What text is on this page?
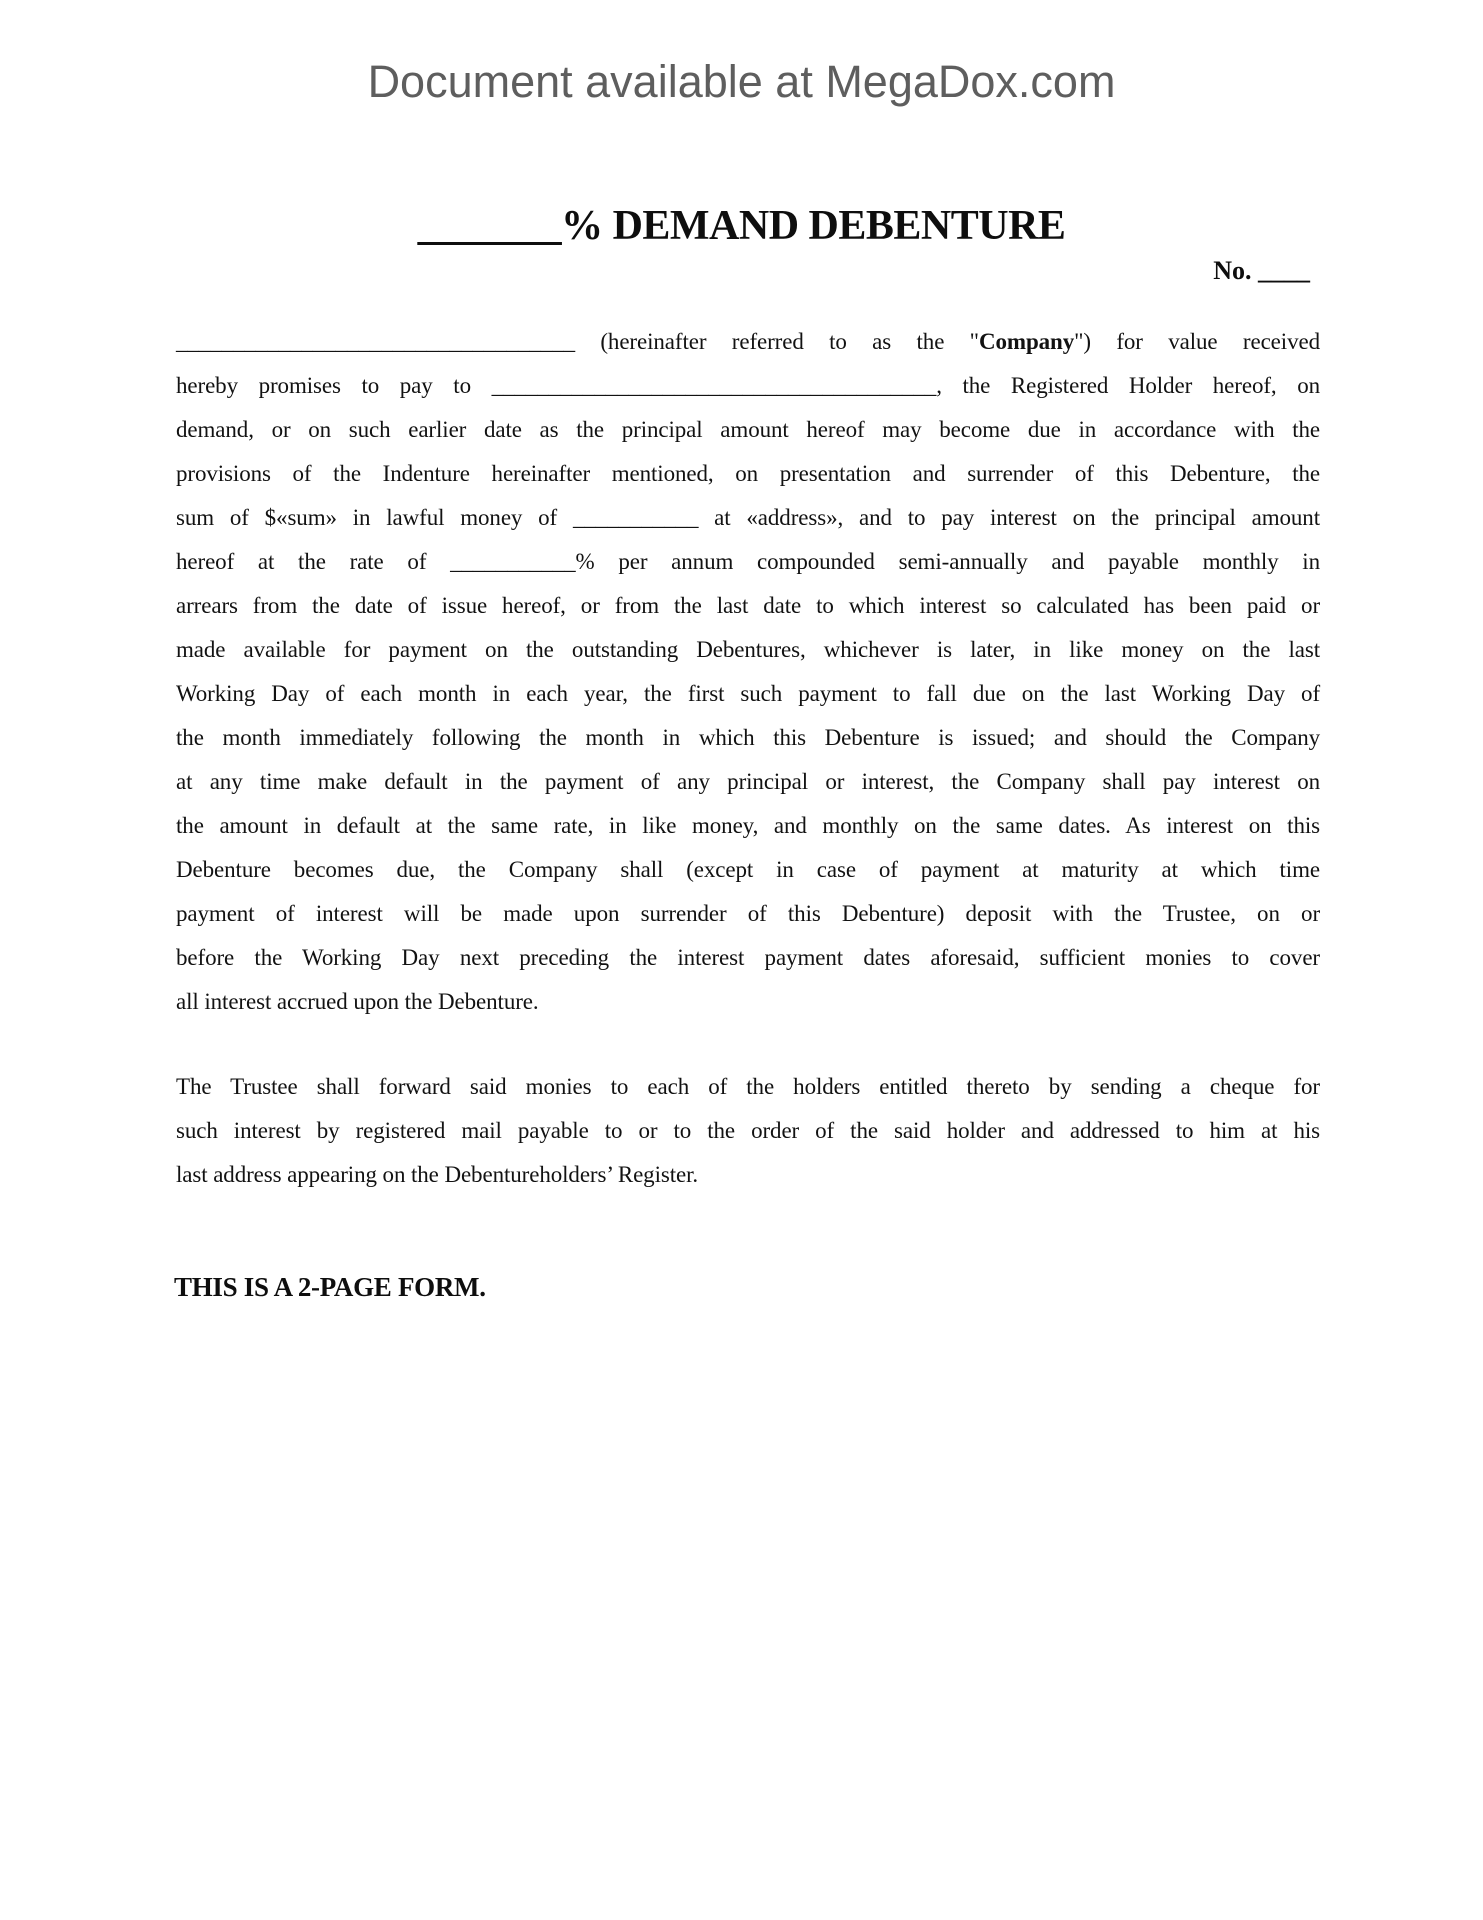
Document available at MegaDox.com
_______% DEMAND DEBENTURE
No. ____
___________________________________ (hereinafter referred to as the "Company") for value received
hereby promises to pay to _______________________________________, the Registered Holder hereof, on
demand, or on such earlier date as the principal amount hereof may become due in accordance with the
provisions of the Indenture hereinafter mentioned, on presentation and surrender of this Debenture, the
sum of $«sum» in lawful money of ___________ at «address», and to pay interest on the principal amount
hereof at the rate of ___________% per annum compounded semi-annually and payable monthly in
arrears from the date of issue hereof, or from the last date to which interest so calculated has been paid or
made available for payment on the outstanding Debentures, whichever is later, in like money on the last
Working Day of each month in each year, the first such payment to fall due on the last Working Day of
the month immediately following the month in which this Debenture is issued; and should the Company
at any time make default in the payment of any principal or interest, the Company shall pay interest on
the amount in default at the same rate, in like money, and monthly on the same dates. As interest on this
Debenture becomes due, the Company shall (except in case of payment at maturity at which time
payment of interest will be made upon surrender of this Debenture) deposit with the Trustee, on or
before the Working Day next preceding the interest payment dates aforesaid, sufficient monies to cover
all interest accrued upon the Debenture.
The Trustee shall forward said monies to each of the holders entitled thereto by sending a cheque for
such interest by registered mail payable to or to the order of the said holder and addressed to him at his
last address appearing on the Debentureholders’ Register.
THIS IS A 2-PAGE FORM.
